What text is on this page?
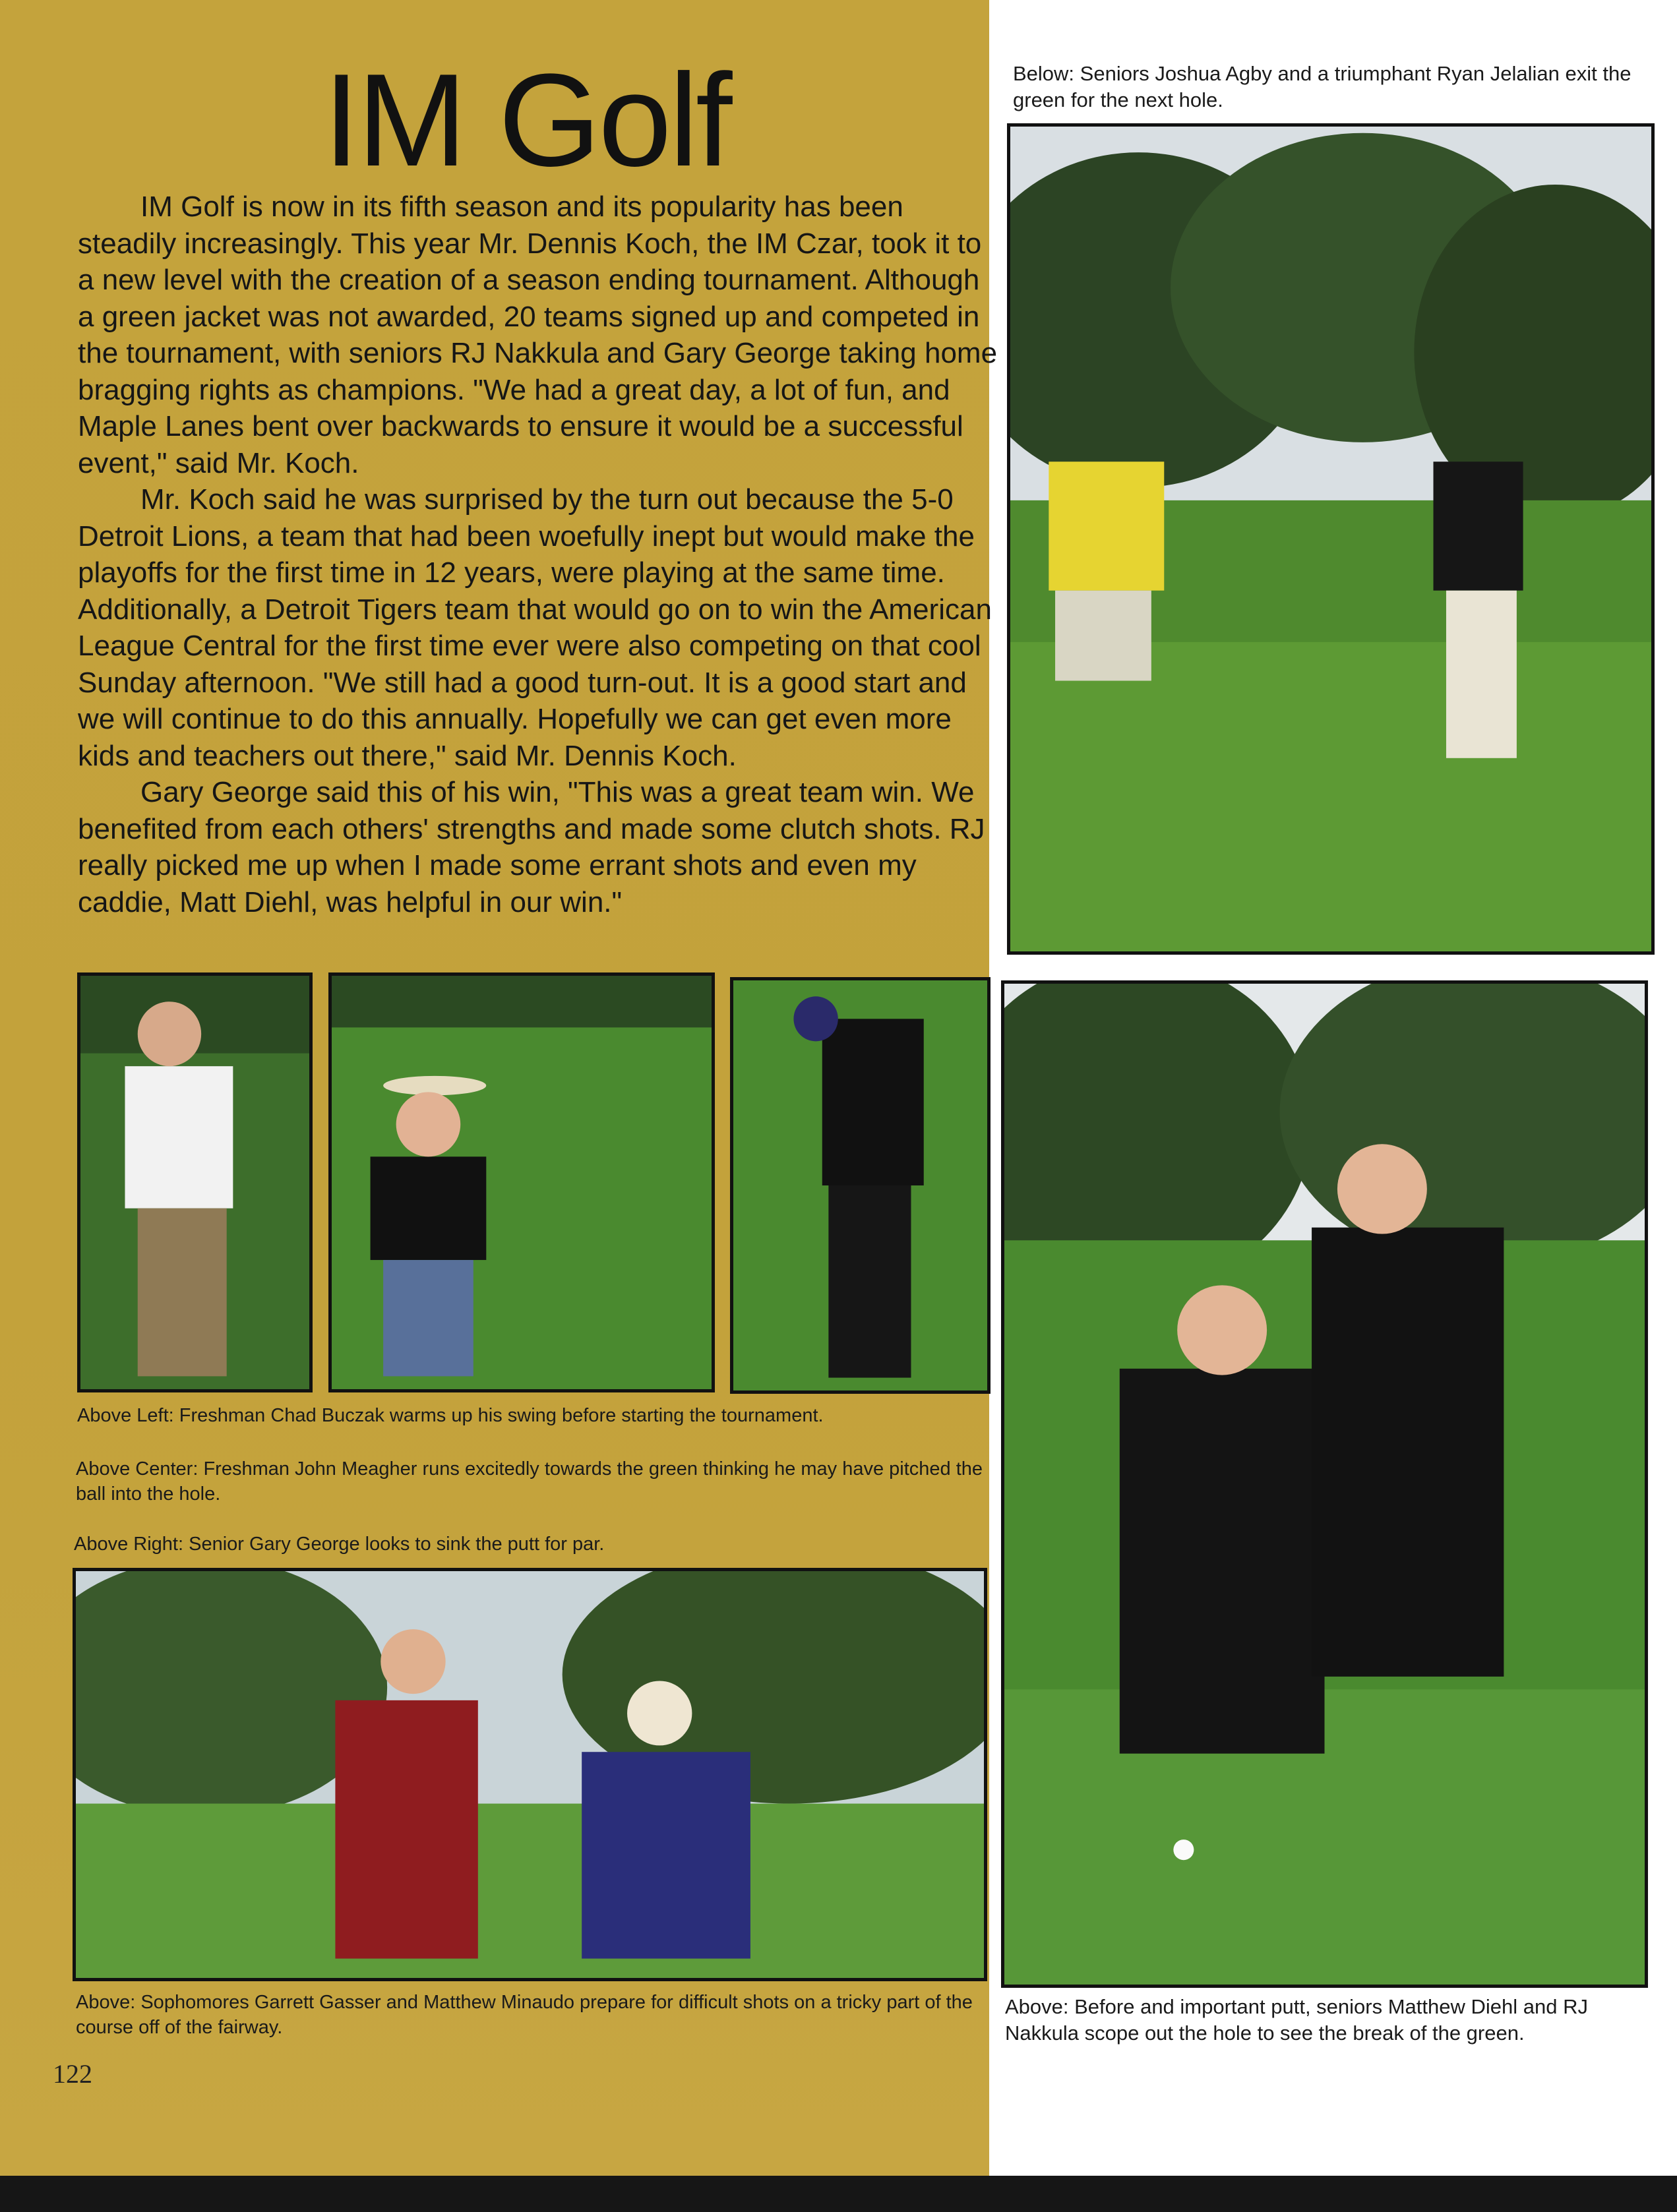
IM Golf

IM Golf is now in its fifth season and its popularity has been steadily increasingly. This year Mr. Dennis Koch, the IM Czar, took it to a new level with the creation of a season ending tournament. Although a green jacket was not awarded, 20 teams signed up and competed in the tournament, with seniors RJ Nakkula and Gary George taking home bragging rights as champions. "We had a great day, a lot of fun, and Maple Lanes bent over backwards to ensure it would be a successful event," said Mr. Koch.

Mr. Koch said he was surprised by the turn out because the 5-0 Detroit Lions, a team that had been woefully inept but would make the playoffs for the first time in 12 years, were playing at the same time. Additionally, a Detroit Tigers team that would go on to win the American League Central for the first time ever were also competing on that cool Sunday afternoon. "We still had a good turn-out. It is a good start and we will continue to do this annually. Hopefully we can get even more kids and teachers out there," said Mr. Dennis Koch.

Gary George said this of his win, "This was a great team win. We benefited from each others' strengths and made some clutch shots. RJ really picked me up when I made some errant shots and even my caddie, Matt Diehl, was helpful in our win."

Below: Seniors Joshua Agby and a triumphant Ryan Jelalian exit the green for the next hole.
Above Left: Freshman Chad Buczak warms up his swing before starting the tournament.
Above Center: Freshman John Meagher runs excitedly towards the green thinking he may have pitched the ball into the hole.
Above Right: Senior Gary George looks to sink the putt for par.
Above: Sophomores Garrett Gasser and Matthew Minaudo prepare for difficult shots on a tricky part of the course off of the fairway.
Above: Before and important putt, seniors Matthew Diehl and RJ Nakkula scope out the hole to see the break of the green.
122
